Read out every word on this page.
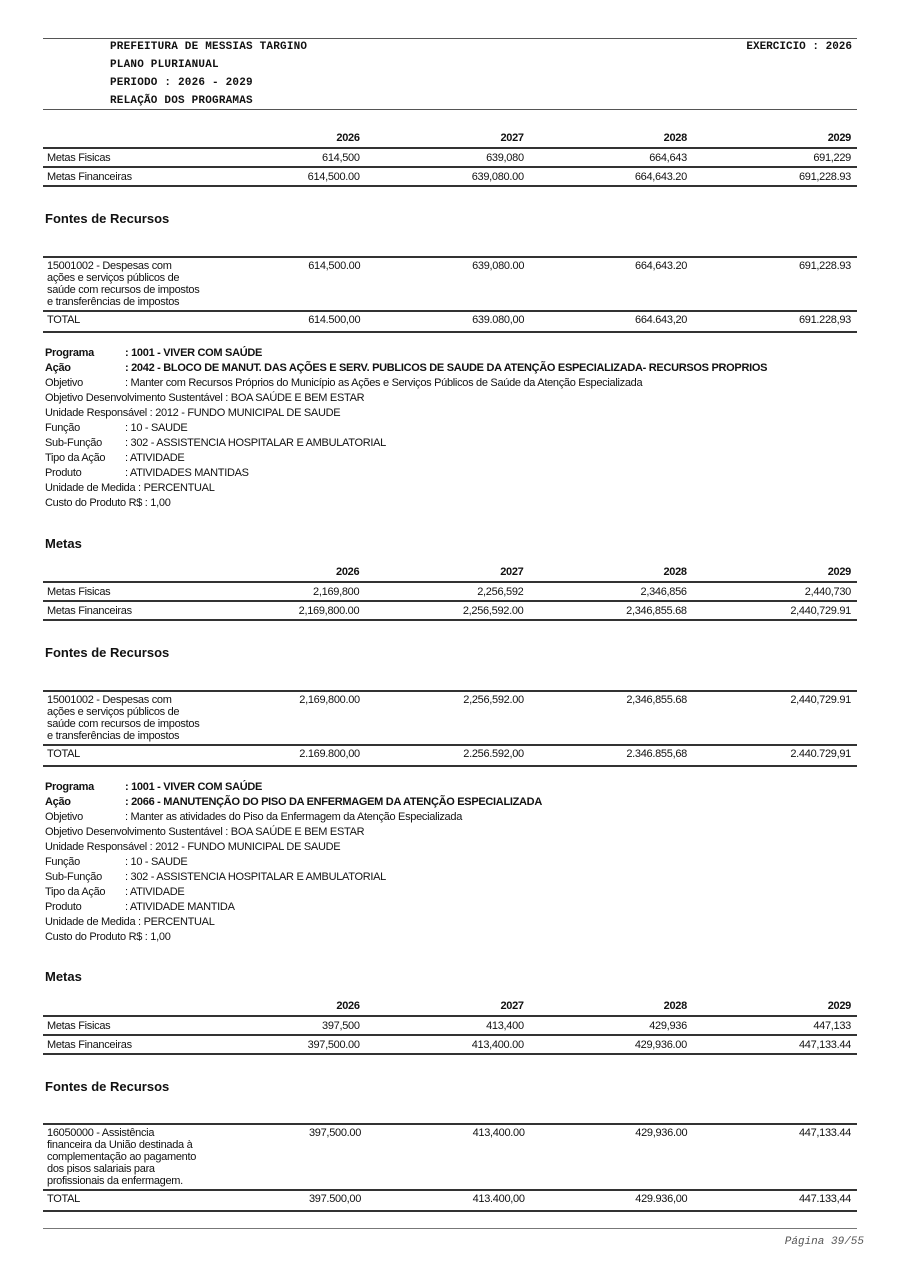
PREFEITURA DE MESSIAS TARGINO
PLANO PLURIANUAL
PERIODO : 2026 - 2029
RELAÇÃO DOS PROGRAMAS
EXERCICIO : 2026
	2026	2027	2028	2029
Metas Fisicas	614,500	639,080	664,643	691,229
Metas Financeiras	614,500.00	639,080.00	664,643.20	691,228.93
Fontes de Recursos
15001002 - Despesas com
ações e serviços públicos de
saúde com recursos de impostos
e transferências de impostos	614,500.00	639,080.00	664,643.20	691,228.93
TOTAL	614.500,00	639.080,00	664.643,20	691.228,93
Programa	: 1001 - VIVER COM SAÚDE
Ação	: 2042 - BLOCO DE MANUT. DAS AÇÕES E SERV. PUBLICOS DE SAUDE DA ATENÇÃO ESPECIALIZADA- RECURSOS PROPRIOS
Objetivo	: Manter com Recursos Próprios do Município as Ações e Serviços Públicos de Saúde da Atenção Especializada
Objetivo Desenvolvimento Sustentável : BOA SAÚDE E BEM ESTAR
Unidade Responsável : 2012 - FUNDO MUNICIPAL DE SAUDE
Função	: 10 - SAUDE
Sub-Função : 302 - ASSISTENCIA HOSPITALAR E AMBULATORIAL
Tipo da Ação : ATIVIDADE
Produto	: ATIVIDADES MANTIDAS
Unidade de Medida : PERCENTUAL
Custo do Produto R$ : 1,00
Metas
	2026	2027	2028	2029
Metas Fisicas	2,169,800	2,256,592	2,346,856	2,440,730
Metas Financeiras	2,169,800.00	2,256,592.00	2,346,855.68	2,440,729.91
Fontes de Recursos
15001002 - Despesas com
ações e serviços públicos de
saúde com recursos de impostos
e transferências de impostos	2,169,800.00	2,256,592.00	2,346,855.68	2,440,729.91
TOTAL	2.169.800,00	2.256.592,00	2.346.855,68	2.440.729,91
Programa	: 1001 - VIVER COM SAÚDE
Ação	: 2066 - MANUTENÇÃO DO PISO DA ENFERMAGEM DA ATENÇÃO ESPECIALIZADA
Objetivo	: Manter as atividades do Piso da Enfermagem da Atenção Especializada
Objetivo Desenvolvimento Sustentável : BOA SAÚDE E BEM ESTAR
Unidade Responsável : 2012 - FUNDO MUNICIPAL DE SAUDE
Função	: 10 - SAUDE
Sub-Função : 302 - ASSISTENCIA HOSPITALAR E AMBULATORIAL
Tipo da Ação : ATIVIDADE
Produto	: ATIVIDADE MANTIDA
Unidade de Medida : PERCENTUAL
Custo do Produto R$ : 1,00
Metas
	2026	2027	2028	2029
Metas Fisicas	397,500	413,400	429,936	447,133
Metas Financeiras	397,500.00	413,400.00	429,936.00	447,133.44
Fontes de Recursos
16050000 - Assistência
financeira da União destinada à
complementação ao pagamento
dos pisos salariais para
profissionais da enfermagem.	397,500.00	413,400.00	429,936.00	447,133.44
TOTAL	397.500,00	413.400,00	429.936,00	447.133,44
Página 39/55
